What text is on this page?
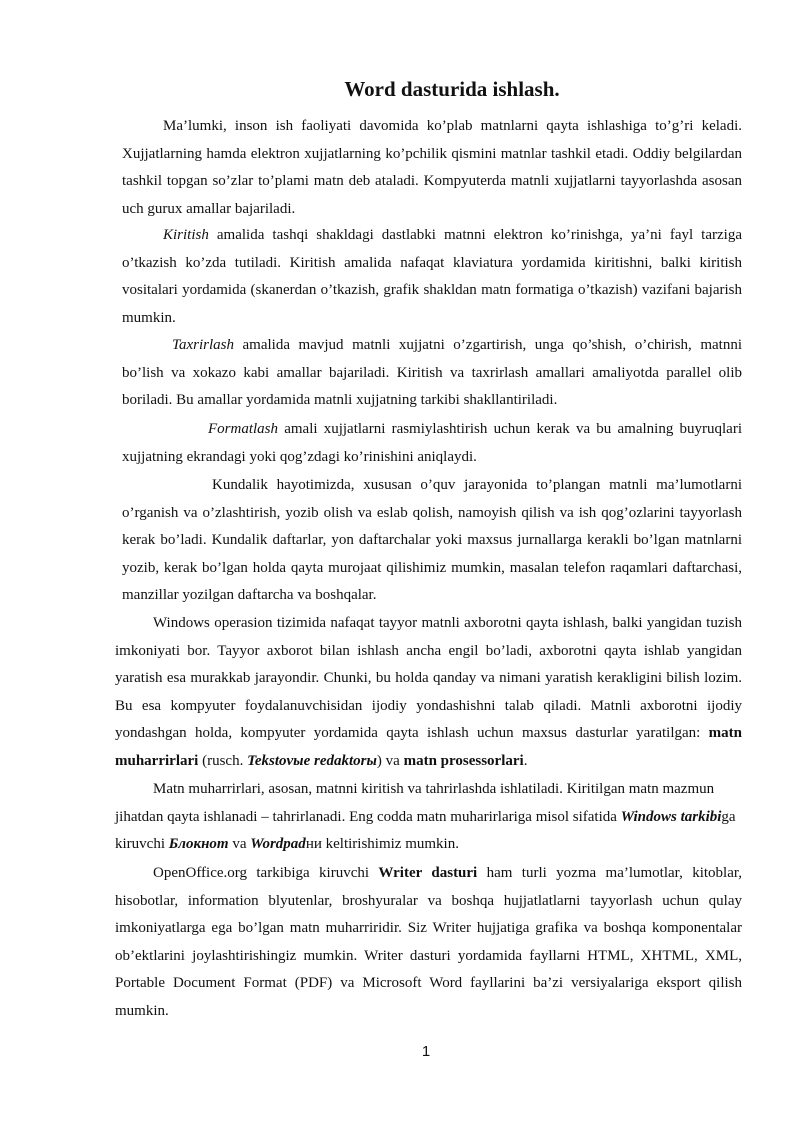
Word dasturida ishlash.

Ma’lumki, inson ish faoliyati davomida ko’plab matnlarni qayta ishlashiga to’g’ri keladi. Xujjatlarning hamda elektron xujjatlarning ko’pchilik qismini matnlar tashkil etadi. Oddiy belgilardan tashkil topgan so’zlar to’plami matn deb ataladi. Kompyuterda matnli xujjatlarni tayyorlashda asosan uch gurux amallar bajariladi.

Kiritish amalida tashqi shakldagi dastlabki matnni elektron ko’rinishga, ya’ni fayl tarziga o’tkazish ko’zda tutiladi. Kiritish amalida nafaqat klaviatura yordamida kiritishni, balki kiritish vositalari yordamida (skanerdan o’tkazish, grafik shakldan matn formatiga o’tkazish) vazifani bajarish mumkin.

Taxrirlash amalida mavjud matnli xujjatni o’zgartirish, unga qo’shish, o’chirish, matnni bo’lish va xokazo kabi amallar bajariladi. Kiritish va taxrirlash amallari amaliyotda parallel olib boriladi. Bu amallar yordamida matnli xujjatning tarkibi shakllantiriladi.

Formatlash amali xujjatlarni rasmiylashtirish uchun kerak va bu amalning buyruqlari xujjatning ekrandagi yoki qog’zdagi ko’rinishini aniqlaydi.

Kundalik hayotimizda, xususan o’quv jarayonida to’plangan matnli ma’lumotlarni o’rganish va o’zlashtirish, yozib olish va eslab qolish, namoyish qilish va ish qog’ozlarini tayyorlash kerak bo’ladi. Kundalik daftarlar, yon daftarchalar yoki maxsus jurnallarga kerakli bo’lgan matnlarni yozib, kerak bo’lgan holda qayta murojaat qilishimiz mumkin, masalan telefon raqamlari daftarchasi, manzillar yozilgan daftarcha va boshqalar.

Windows operasion tizimida nafaqat tayyor matnli axborotni qayta ishlash, balki yangidan tuzish imkoniyati bor. Tayyor axborot bilan ishlash ancha engil bo’ladi, axborotni qayta ishlab yangidan yaratish esa murakkab jarayondir. Chunki, bu holda qanday va nimani yaratish kerakligini bilish lozim. Bu esa kompyuter foydalanuvchisidan ijodiy yondashishni talab qiladi. Matnli axborotni ijodiy yondashgan holda, kompyuter yordamida qayta ishlash uchun maxsus dasturlar yaratilgan: matn muharrirlari (rusch. Tekstovыe redaktorы) va matn prosessorlari.

Matn muharrirlari, asosan, matnni kiritish va tahrirlashda ishlatiladi. Kiritilgan matn mazmun jihatdan qayta ishlanadi – tahrirlanadi. Eng codda matn muharirlariga misol sifatida Windows tarkibiga kiruvchi Блокнот va Wordpadни keltirishimiz mumkin.

OpenOffice.org tarkibiga kiruvchi Writer dasturi ham turli yozma ma’lumotlar, kitoblar, hisobotlar, information blyutenlar, broshyuralar va boshqa hujjatlatlarni tayyorlash uchun qulay imkoniyatlarga ega bo’lgan matn muharriridir. Siz Writer hujjatiga grafika va boshqa komponentalar ob’ektlarini joylashtirishingiz mumkin. Writer dasturi yordamida fayllarni HTML, XHTML, XML, Portable Document Format (PDF) va Microsoft Word fayllarini ba’zi versiyalariga eksport qilish mumkin.

1
